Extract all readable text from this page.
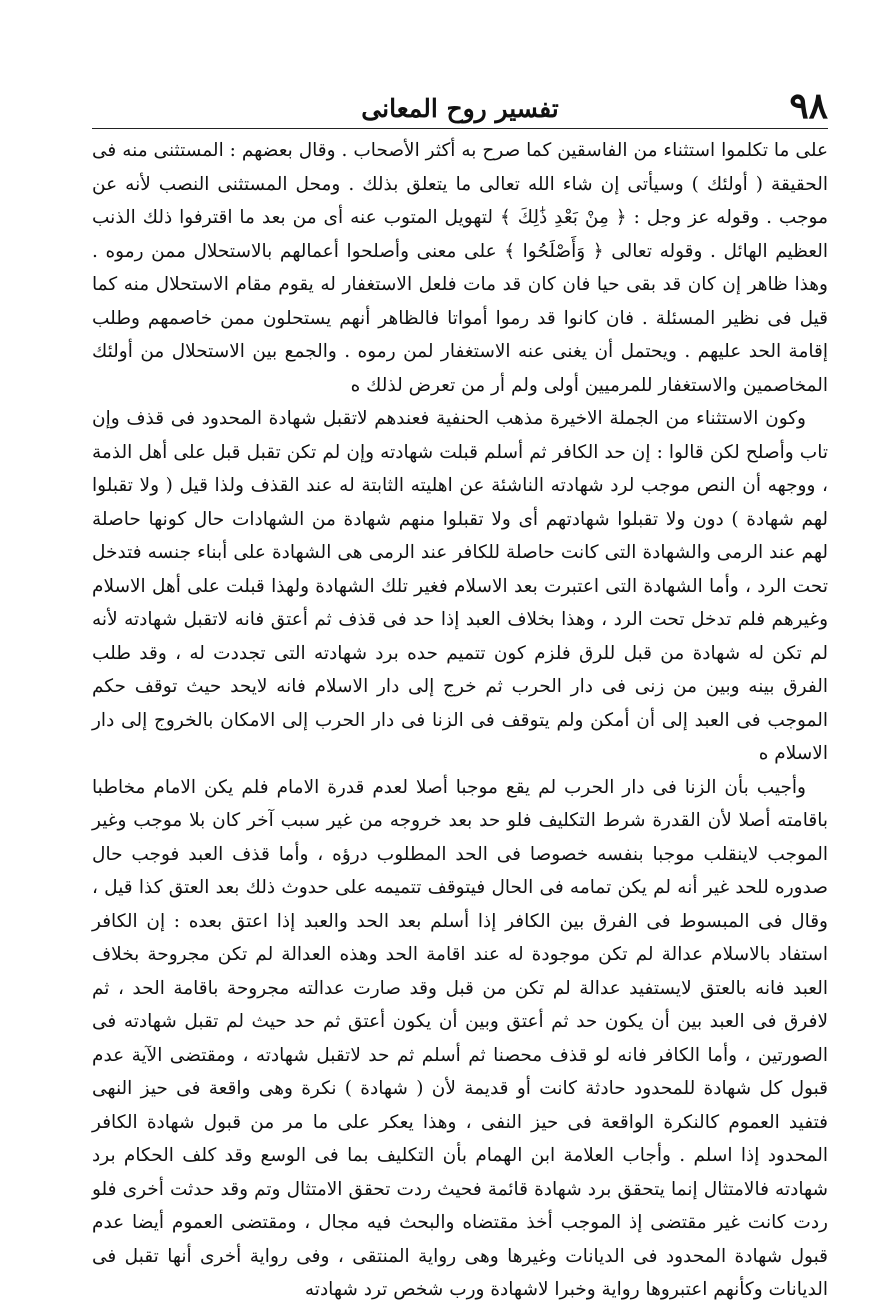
٩٨
تفسير روح المعانى

على ما تكلموا استثناء من الفاسقين كما صرح به أكثر الأصحاب . وقال بعضهم : المستثنى منه فى الحقيقة ( أولئك ) وسيأتى إن شاء الله تعالى ما يتعلق بذلك . ومحل المستثنى النصب لأنه عن موجب . وقوله عز وجل : ﴿ مِنْ بَعْدِ ذَٰلِكَ ﴾ لتهويل المتوب عنه أى من بعد ما اقترفوا ذلك الذنب العظيم الهائل . وقوله تعالى ﴿ وَأَصْلَحُوا ﴾ على معنى وأصلحوا أعمالهم بالاستحلال ممن رموه . وهذا ظاهر إن كان قد بقى حيا فان كان قد مات فلعل الاستغفار له يقوم مقام الاستحلال منه كما قيل فى نظير المسئلة . فان كانوا قد رموا أمواتا فالظاهر أنهم يستحلون ممن خاصمهم وطلب إقامة الحد عليهم . ويحتمل أن يغنى عنه الاستغفار لمن رموه . والجمع بين الاستحلال من أولئك المخاصمين والاستغفار للمرميين أولى ولم أر من تعرض لذلك ه

وكون الاستثناء من الجملة الاخيرة مذهب الحنفية فعندهم لاتقبل شهادة المحدود فى قذف وإن تاب وأصلح لكن قالوا : إن حد الكافر ثم أسلم قبلت شهادته وإن لم تكن تقبل قبل على أهل الذمة ، ووجهه أن النص موجب لرد شهادته الناشئة عن اهليته الثابتة له عند القذف ولذا قيل ( ولا تقبلوا لهم شهادة ) دون ولا تقبلوا شهادتهم أى ولا تقبلوا منهم شهادة من الشهادات حال كونها حاصلة لهم عند الرمى والشهادة التى كانت حاصلة للكافر عند الرمى هى الشهادة على أبناء جنسه فتدخل تحت الرد ، وأما الشهادة التى اعتبرت بعد الاسلام فغير تلك الشهادة ولهذا قبلت على أهل الاسلام وغيرهم فلم تدخل تحت الرد ، وهذا بخلاف العبد إذا حد فى قذف ثم أعتق فانه لاتقبل شهادته لأنه لم تكن له شهادة من قبل للرق فلزم كون تتميم حده برد شهادته التى تجددت له ، وقد طلب الفرق بينه وبين من زنى فى دار الحرب ثم خرج إلى دار الاسلام فانه لايحد حيث توقف حكم الموجب فى العبد إلى أن أمكن ولم يتوقف فى الزنا فى دار الحرب إلى الامكان بالخروج إلى دار الاسلام ه

وأجيب بأن الزنا فى دار الحرب لم يقع موجبا أصلا لعدم قدرة الامام فلم يكن الامام مخاطبا باقامته أصلا لأن القدرة شرط التكليف فلو حد بعد خروجه من غير سبب آخر كان بلا موجب وغير الموجب لاينقلب موجبا بنفسه خصوصا فى الحد المطلوب درؤه ، وأما قذف العبد فوجب حال صدوره للحد غير أنه لم يكن تمامه فى الحال فيتوقف تتميمه على حدوث ذلك بعد العتق كذا قيل ، وقال فى المبسوط فى الفرق بين الكافر إذا أسلم بعد الحد والعبد إذا اعتق بعده : إن الكافر استفاد بالاسلام عدالة لم تكن موجودة له عند اقامة الحد وهذه العدالة لم تكن مجروحة بخلاف العبد فانه بالعتق لايستفيد عدالة لم تكن من قبل وقد صارت عدالته مجروحة باقامة الحد ، ثم لافرق فى العبد بين أن يكون حد ثم أعتق وبين أن يكون أعتق ثم حد حيث لم تقبل شهادته فى الصورتين ، وأما الكافر فانه لو قذف محصنا ثم أسلم ثم حد لاتقبل شهادته ، ومقتضى الآية عدم قبول كل شهادة للمحدود حادثة كانت أو قديمة لأن ( شهادة ) نكرة وهى واقعة فى حيز النهى فتفيد العموم كالنكرة الواقعة فى حيز النفى ، وهذا يعكر على ما مر من قبول شهادة الكافر المحدود إذا اسلم . وأجاب العلامة ابن الهمام بأن التكليف بما فى الوسع وقد كلف الحكام برد شهادته فالامتثال إنما يتحقق برد شهادة قائمة فحيث ردت تحقق الامتثال وتم وقد حدثت أخرى فلو ردت كانت غير مقتضى إذ الموجب أخذ مقتضاه والبحث فيه مجال ، ومقتضى العموم أيضا عدم قبول شهادة المحدود فى الديانات وغيرها وهى رواية المنتقى ، وفى رواية أخرى أنها تقبل فى الديانات وكأنهم اعتبروها رواية وخبرا لاشهادة ورب شخص ترد شهادته
